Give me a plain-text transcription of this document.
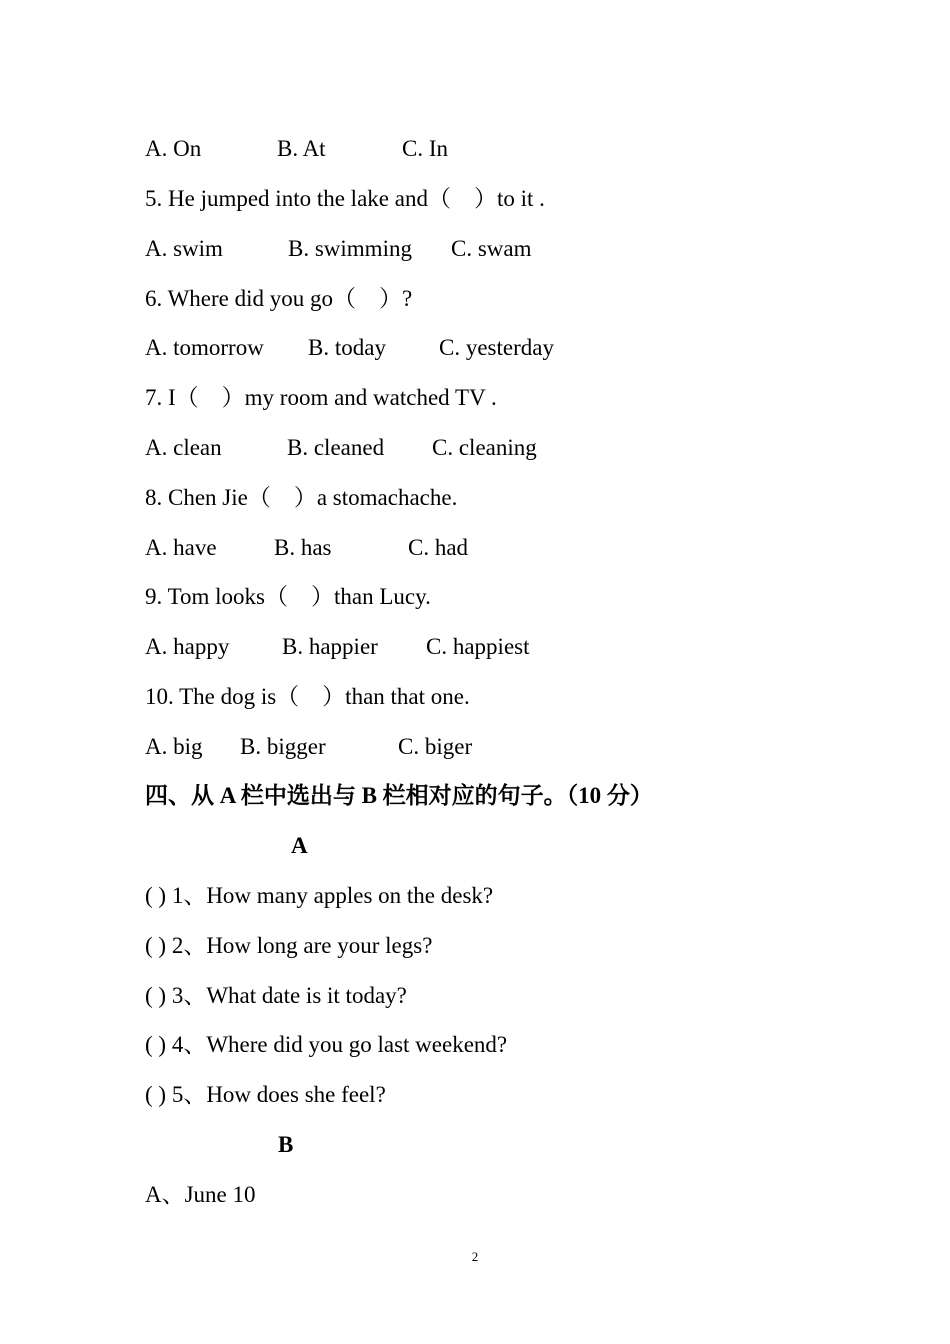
A. On

	B. At

	C. In

5. He jumped into the lake and（　）to it .

A. swim

	B. swimming

C. swam

6. Where did you go（　）?

A. tomorrow

B. today

C. yesterday

7. I（　）my room and watched TV .

A. clean

	B. cleaned

C. cleaning

8. Chen Jie（　）a stomachache.

A. have

B. has

	C. had

9. Tom looks（　）than Lucy.

A. happy

B. happier

C. happiest

10. The dog is（　）than that one.

A. big

B. bigger

	C. biger

四、从 A 栏中选出与 B 栏相对应的句子。（10 分）
A
( ) 1、How many apples on the desk?
( ) 2、How long are your legs?
( ) 3、What date is it today?
( ) 4、Where did you go last weekend?
( ) 5、How does she feel?
B
A、June 10
2
